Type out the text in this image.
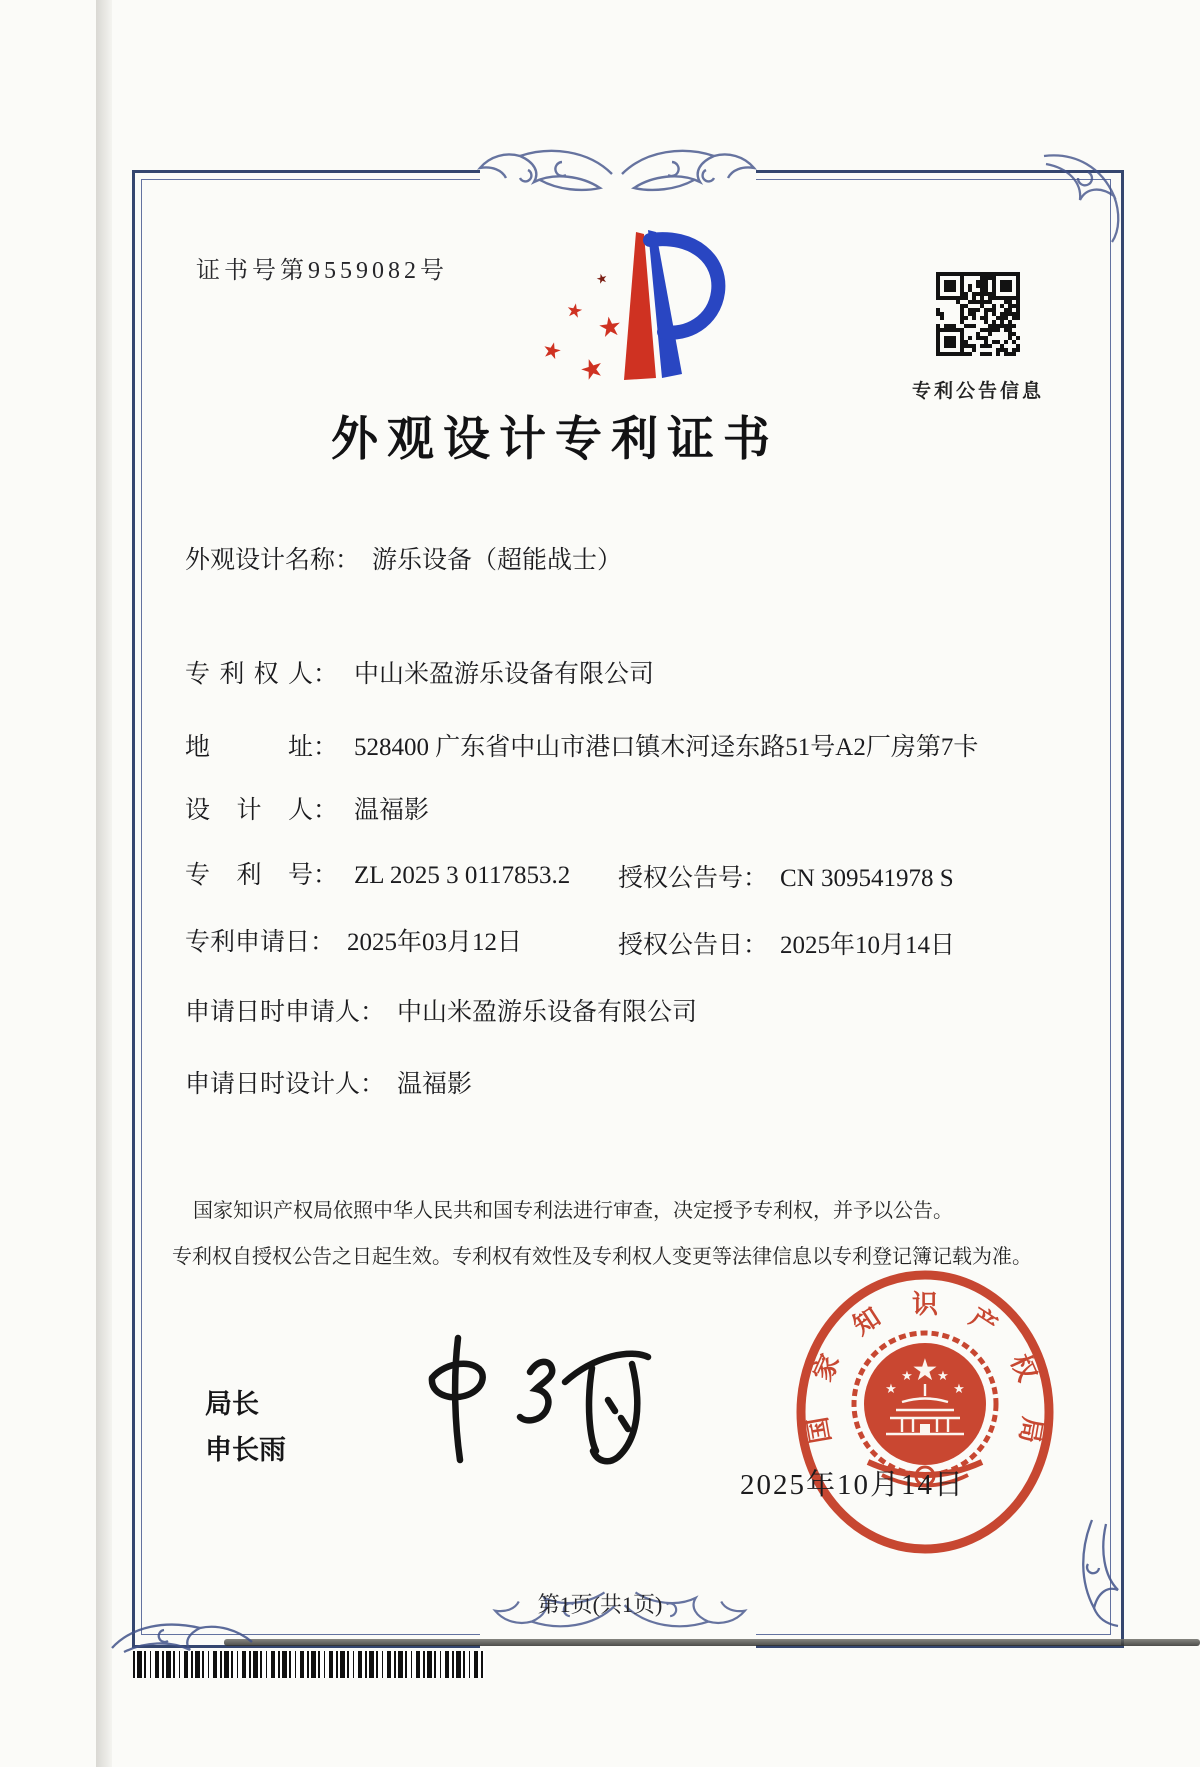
证书号第9559082号	★
★ ★
★
★
专利公告信息
外观设计专利证书
外观设计名称： 游乐设备（超能战士）
专利权人： 中山米盈游乐设备有限公司
地址： 528400 广东省中山市港口镇木河迳东路51号A2厂房第7卡
设计人： 温福影
专利号： ZL 2025 3 0117853.2 授权公告号： CN 309541978 S
专利申请日： 2025年03月12日	授权公告日： 2025年10月14日
申请日时申请人： 中山米盈游乐设备有限公司
申请日时设计人： 温福影
国家知识产权局依照中华人民共和国专利法进行审查，决定授予专利权，并予以公告。
专利权自授权公告之日起生效。专利权有效性及专利权人变更等法律信息以专利登记簿记载为准。
局长
申长雨
★
★
★ ★
★
国
家
知 识 产
权
局
2025年10月14日
第1页(共1页)
